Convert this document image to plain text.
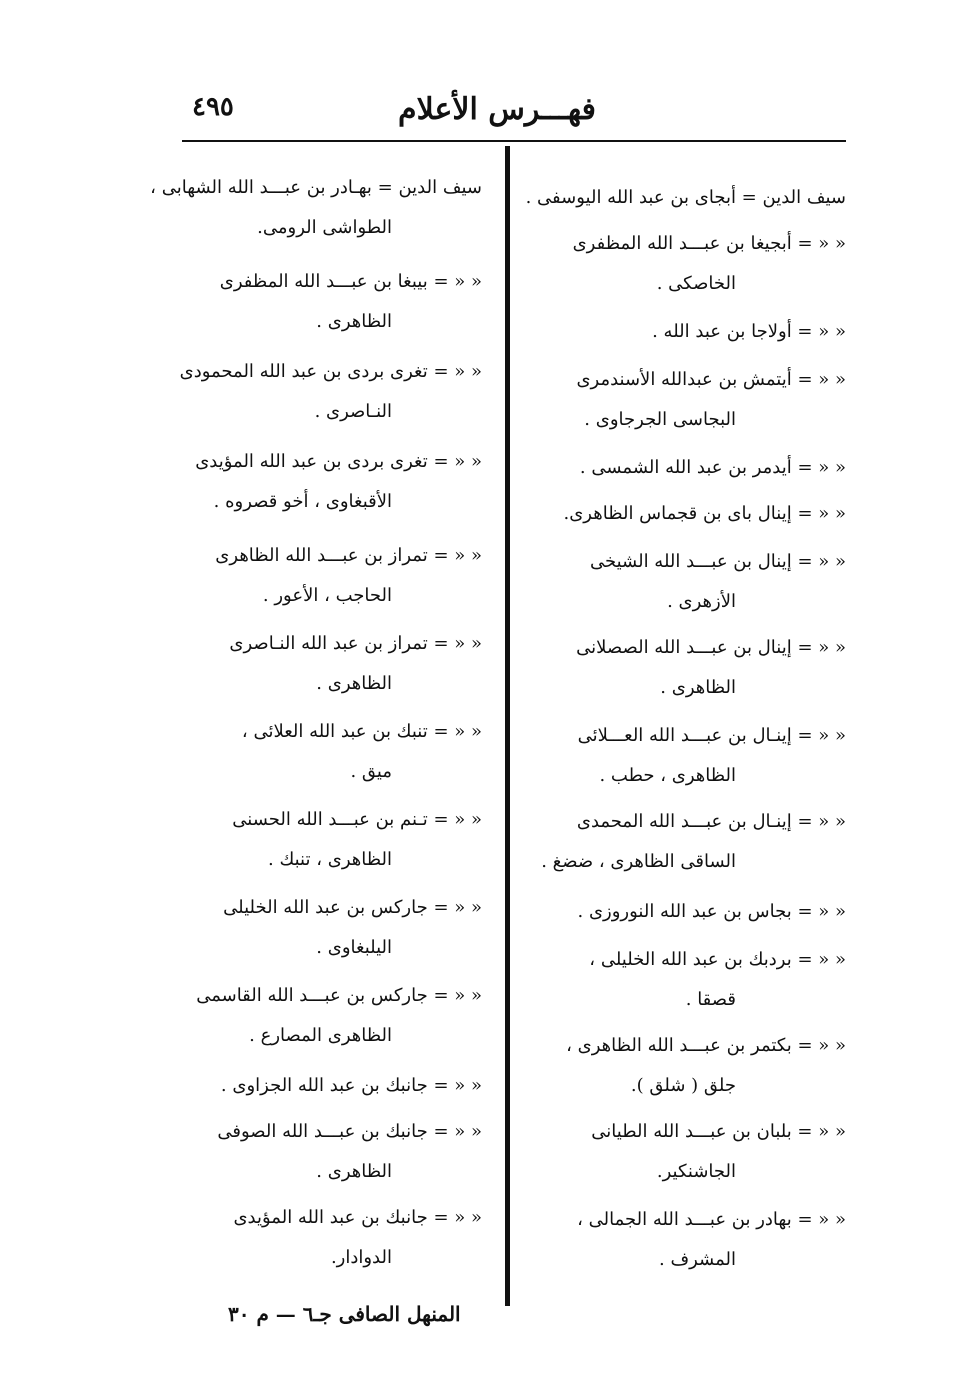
فهـــرس الأعلام
٤٩٥
سيف الدين = أبجاى بن عبد الله اليوسفى .
« « = أبجيغا بن عبـــد الله المظفرى
الخاصكى .
« « = أولاجا بن عبد الله .
« « = أيتمش بن عبدالله الأسندمرى
البجاسى الجرجاوى .
« « = أيدمر بن عبد الله الشمسى .
« « = إينال باى بن قجماس الظاهرى.
« « = إينال بن عبـــد الله الشيخى
الأزهرى .
« « = إينال بن عبـــد الله الصصلانى
الظاهرى .
« « = إينـال بن عبـــد الله العـــلائى
الظاهرى ، حطب .
« « = إينـال بن عبـــد الله المحمدى
الساقى الظاهرى ، ضضغ .
« « = بجاس بن عبد الله النوروزى .
« « = بردبك بن عبد الله الخليلى ،
قصقا .
« « = بكتمر بن عبـــد الله الظاهرى ،
جلق ( شلق ).
« « = بلبان بن عبـــد الله الطيانى
الجاشنكير.
« « = بهادر بن عبـــد الله الجمالى ،
المشرف .
سيف الدين = بهـادر بن عبـــد الله الشهابى ،
الطواشى الرومى.
« « = بيبغا بن عبـــد الله المظفرى
الظاهرى .
« « = تغرى بردى بن عبد الله المحمودى
النـاصرى .
« « = تغرى بردى بن عبد الله المؤيدى
الأقبغاوى ، أخو قصروه .
« « = تمراز بن عبـــد الله الظاهرى
الحاجب ، الأعور .
« « = تمراز بن عبد الله النـاصرى
الظاهرى .
« « = تنبك بن عبد الله العلائى ،
ميق .
« « = تـنم بن عبـــد الله الحسنى
الظاهرى ، تنبك .
« « = جاركس بن عبد الله الخليلى
اليلبغاوى .
« « = جاركس بن عبـــد الله القاسمى
الظاهرى المصارع .
« « = جانبك بن عبد الله الجزاوى .
« « = جانبك بن عبـــد الله الصوفى
الظاهرى .
« « = جانبك بن عبد الله المؤيدى
الدوادار.
المنهل الصافى جـ٦ — م ٣٠
